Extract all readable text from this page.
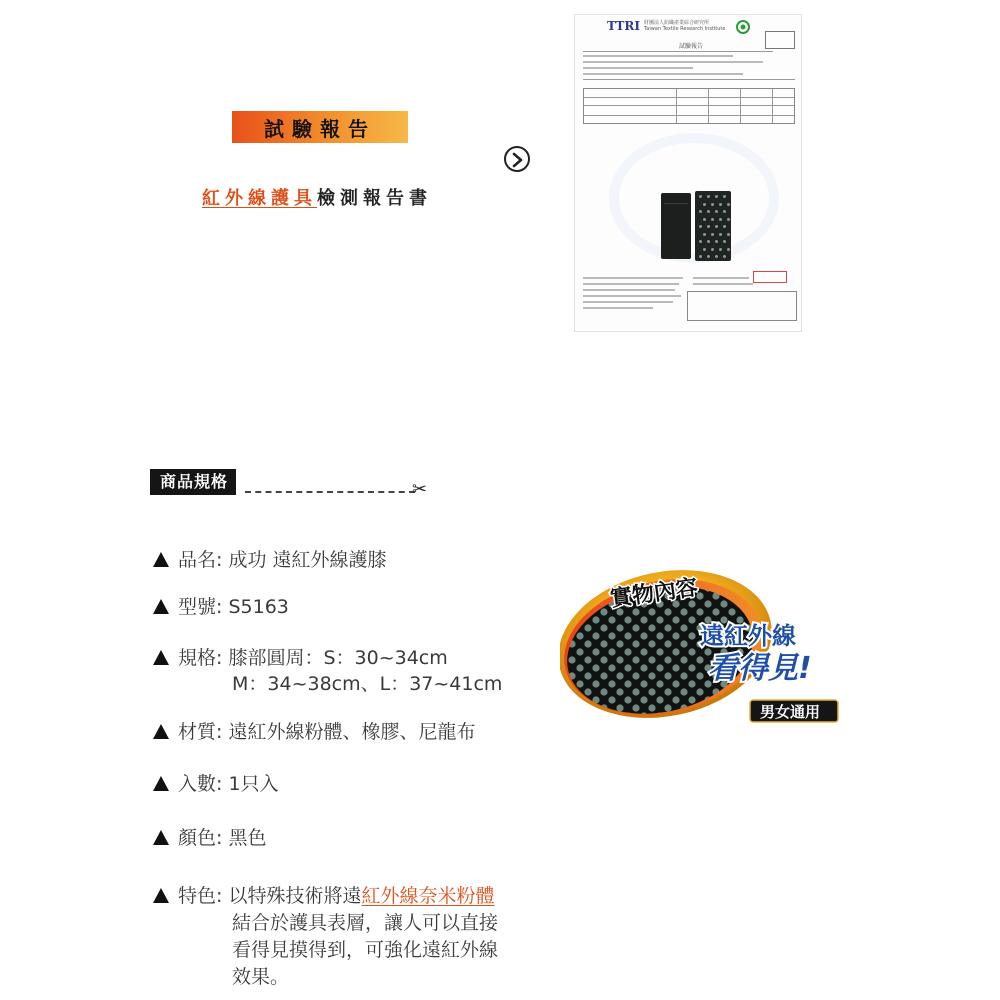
試驗報告
紅外線護具檢測報告書
TTRI 財團法人紡織產業綜合研究所
Taiwan Textile Research Institute
試驗報告
商品規格	✂
品名: 成功 遠紅外線護膝
型號: S5163
規格: 膝部圓周：S：30~34cm
M：34~38cm、L：37~41cm
材質: 遠紅外線粉體、橡膠、尼龍布
入數: 1只入
顏色: 黑色
特色: 以特殊技術將遠紅外線奈米粉體
結合於護具表層，讓人可以直接
看得見摸得到，可強化遠紅外線
效果。
實物內容
遠紅外線
看得見!
男女通用
